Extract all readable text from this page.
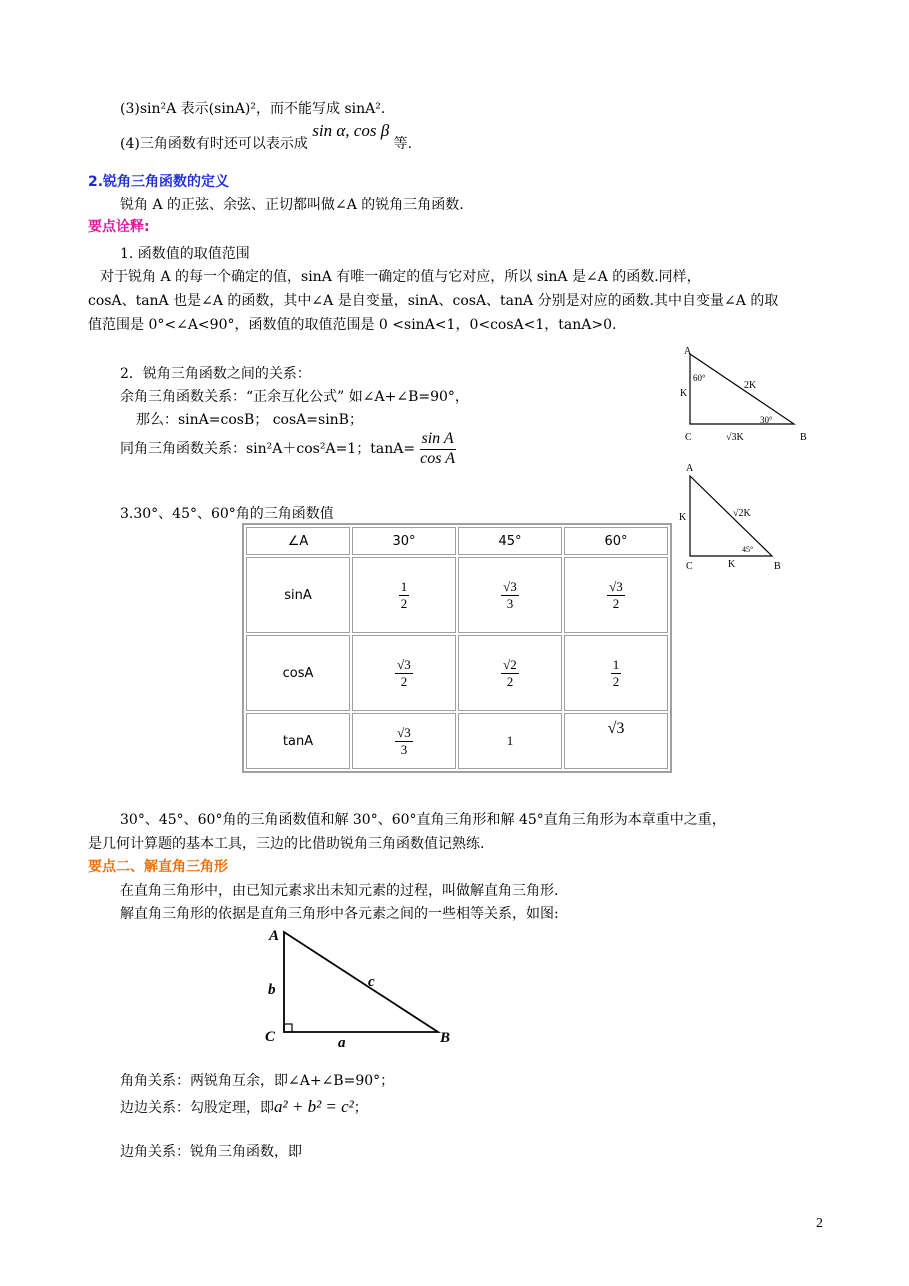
(3)sin²A 表示(sinA)²，而不能写成 sinA².
(4)三角函数有时还可以表示成 sin α, cos β 等.
2.锐角三角函数的定义
锐角 A 的正弦、余弦、正切都叫做∠A 的锐角三角函数.
要点诠释:
1. 函数值的取值范围
对于锐角 A 的每一个确定的值，sinA 有唯一确定的值与它对应，所以 sinA 是∠A 的函数.同样，
cosA、tanA 也是∠A 的函数，其中∠A 是自变量，sinA、cosA、tanA 分别是对应的函数.其中自变量∠A 的取
值范围是 0°<∠A<90°，函数值的取值范围是 0 <sinA<1，0<cosA<1，tanA>0.
2．锐角三角函数之间的关系：
余角三角函数关系：“正余互化公式” 如∠A+∠B=90°，
那么：sinA=cosB； cosA=sinB；
同角三角函数关系：sin²A＋cos²A=1；$\tan A= \frac{\text{sin A}}{\text{cos A}}$
3.30°、45°、60°角的三角函数值
∠A	30°	45°	60°
sinA	$\frac{1}{2}$	$\frac{√3}{3}$	$\frac{√3}{2}$

cosA	$\frac{√3}{2}$	$\frac{√2}{2}$	$\frac{1}{2}$

tanA	$\frac{√3}{3}$	1	√3
A
B
C
60°
30°
K
2K
√3K
A
B
C
45°
K	√2K
K
30°、45°、60°角的三角函数值和解 30°、60°直角三角形和解 45°直角三角形为本章重中之重，
是几何计算题的基本工具，三边的比借助锐角三角函数值记熟练.
要点二、解直角三角形
在直角三角形中，由已知元素求出未知元素的过程，叫做解直角三角形.
解直角三角形的依据是直角三角形中各元素之间的一些相等关系，如图:
A
B
C
b	c
a
角角关系：两锐角互余，即∠A+∠B=90°；
边边关系：勾股定理，即a² + b² = c²；
边角关系：锐角三角函数，即
2
